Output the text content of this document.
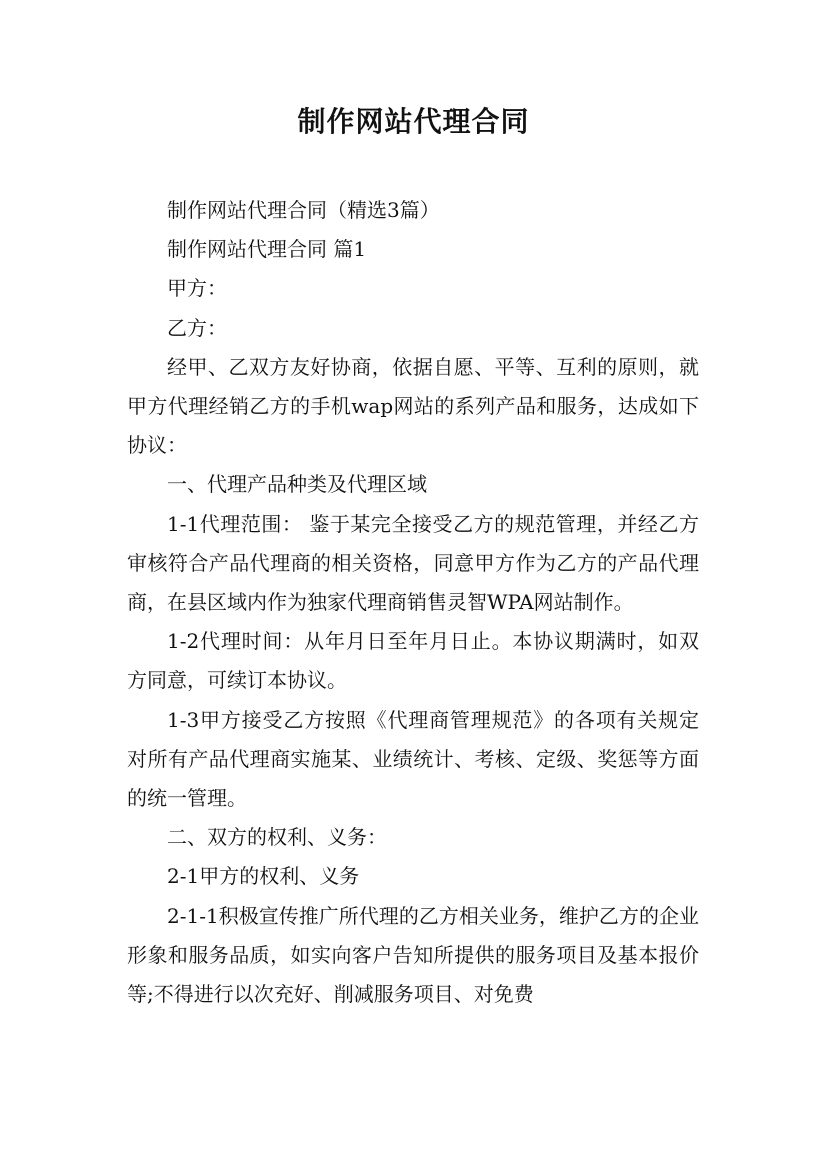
制作网站代理合同

制作网站代理合同（精选3篇）

制作网站代理合同 篇1

甲方：

乙方：

经甲、乙双方友好协商，依据自愿、平等、互利的原则，就甲方代理经销乙方的手机wap网站的系列产品和服务，达成如下协议：

一、代理产品种类及代理区域

1-1代理范围： 鉴于某完全接受乙方的规范管理，并经乙方审核符合产品代理商的相关资格，同意甲方作为乙方的产品代理商，在县区域内作为独家代理商销售灵智WPA网站制作。

1-2代理时间：从年月日至年月日止。本协议期满时，如双方同意，可续订本协议。

1-3甲方接受乙方按照《代理商管理规范》的各项有关规定对所有产品代理商实施某、业绩统计、考核、定级、奖惩等方面的统一管理。

二、双方的权利、义务：

2-1甲方的权利、义务

2-1-1积极宣传推广所代理的乙方相关业务，维护乙方的企业形象和服务品质，如实向客户告知所提供的服务项目及基本报价等;不得进行以次充好、削减服务项目、对免费
